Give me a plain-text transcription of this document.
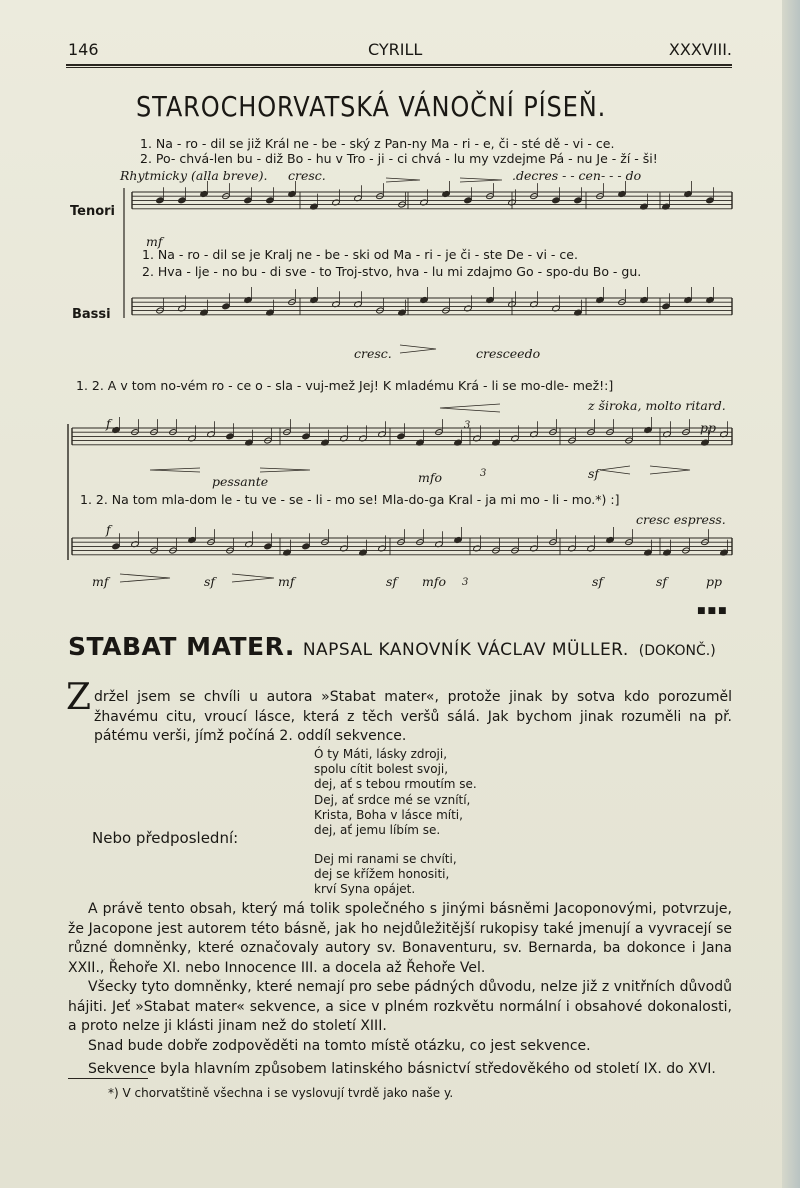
146	CYRILL	XXXVIII.
STAROCHORVATSKÁ VÁNOČNÍ PÍSEŇ.
1. Na - ro - dil se již Král ne - be - ský z Pan-ny Ma - ri - e, či - sté dě - vi - ce.
2. Po- chvá-len bu - diž Bo - hu v Tro - ji - ci chvá - lu my vzdejme Pá - nu Je - ží - ši!
Rhytmicky (alla breve). cresc.	.decres - - cen- - - do
Tenori
Bassi
mf
1. Na - ro - dil se je Kralj ne - be - ski od Ma - ri - je či - ste De - vi - ce.
2. Hva - lje - no bu - di sve - to Troj-stvo, hva - lu mi zdajmo Go - spo-du Bo - gu.
cresc.	cresceedo
1. 2. A v tom no-vém ro - ce o - sla - vuj-mež Jej! K mladému Krá - li se mo-dle- mež!:]
z široka, molto ritard.
pp
f
pessante	mfo	sf
1. 2. Na tom mla-dom le - tu ve - se - li - mo se! Mla-do-ga Kral - ja mi mo - li - mo.*) :]
cresc espress.
f
mf	sf	mf	sf mfo	sf	sf	pp
3
3
3
■■■
STABAT MATER. NAPSAL KANOVNÍK VÁCLAV MÜLLER. (DOKONČ.)
Z držel jsem se chvíli u autora »Stabat mater«, protože jinak by sotva kdo porozuměl žhavému citu, vroucí lásce, která z těch veršů sálá. Jak bychom jinak rozuměli na př. pátému verši, jímž počíná 2. oddíl sekvence.
Ó ty Máti, lásky zdroji,
spolu cítit bolest svoji,
dej, ať s tebou rmoutím se.
Dej, ať srdce mé se vznítí,
Krista, Boha v lásce míti,
dej, ať jemu líbím se.
Nebo předposlední:
Dej mi ranami se chvíti,
dej se křížem honositi,
krví Syna opájet.
A právě tento obsah, který má tolik společného s jinými básněmi Jacoponovými, potvrzuje, že Jacopone jest autorem této básně, jak ho nejdůležitější rukopisy také jmenují a vyvracejí se různé domněnky, které označovaly autory sv. Bonaventuru, sv. Bernarda, ba dokonce i Jana XXII., Řehoře XI. nebo Innocence III. a docela až Řehoře Vel.
Všecky tyto domněnky, které nemají pro sebe pádných důvodu, nelze již z vnitřních důvodů hájiti. Jeť »Stabat mater« sekvence, a sice v plném rozkvětu normální i obsahové dokonalosti, a proto nelze ji klásti jinam než do století XIII.
Snad bude dobře zodpověděti na tomto místě otázku, co jest sekvence.

Sekvence byla hlavním způsobem latinského básnictví středověkého od století IX. do XVI.
*) V chorvatštině všechna i se vyslovují tvrdě jako naše y.
